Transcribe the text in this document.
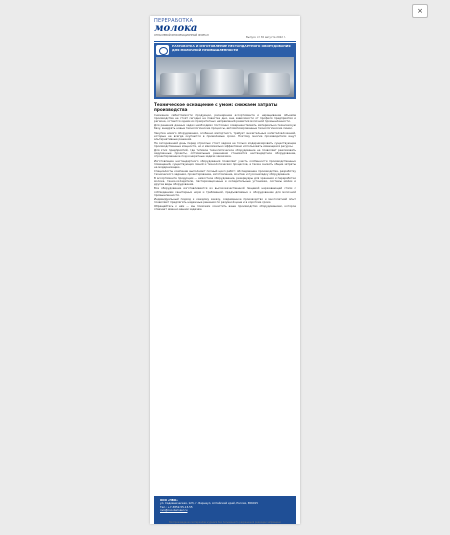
×
ПЕРЕРАБОТКА
молока
ОТРАСЛЕВОЙ ИНФОРМАЦИОННЫЙ ЖУРНАЛ
Выпуск от 30 августа 2022 г.
РАЗРАБОТКА И ИЗГОТОВЛЕНИЕ НЕСТАНДАРТНОГО ОБОРУДОВАНИЯ ДЛЯ МОЛОЧНОЙ ПРОМЫШЛЕННОСТИ
Техническое оснащение с умом: снижаем затраты производства

Снижение себестоимости продукции, расширение ассортимента и наращивание объемов производства не стоят сегодня на повестке дня, вне зависимости от профиля предприятия и региона, остаются одним из приоритетных направлений развития молочной промышленности.

Для решения данных задач необходимо постоянно совершенствовать материально-техническую базу, внедрять новые технологические процессы, автоматизированные технологические линии.

Закупка нового оборудования, особенно импортного, требует значительных капиталовложений, которые не всегда окупаются в приемлемые сроки. Поэтому многие производители ищут альтернативные решения.

На сегодняшний день перед отраслью стоит задача не только модернизировать существующие производственные мощности, но и максимально эффективно использовать имеющиеся ресурсы.

Для этих предприятий, где типовое технологическое оборудование не позволяет реализовать задуманные проекты, оптимальным решением становится нестандартное оборудование, спроектированное под конкретные задачи заказчика.

Изготовление нестандартного оборудования позволяет учесть особенности производственных помещений, существующих линий и технологических процессов, а также снизить общие затраты на модернизацию.

Специалисты компании выполняют полный цикл работ: обследование производства, разработку технического задания, проектирование, изготовление, монтаж и пусконаладку оборудования.

В ассортименте продукции — емкостное оборудование, резервуары для хранения и переработки молока, танки-охладители, пастеризационные и охладительные установки, системы мойки и другие виды оборудования.

Все оборудование изготавливается из высококачественной пищевой нержавеющей стали с соблюдением санитарных норм и требований, предъявляемых к оборудованию для молочной промышленности.

Индивидуальный подход к каждому заказу, современное производство и многолетний опыт позволяют предлагать надежные решения по разумной цене и в короткие сроки.

Обращайтесь к нам — мы поможем оснастить ваше производство оборудованием, которое отвечает именно вашим задачам.

ООО «НВО»
ул. Садовническая, 123, г. Барнаул, Алтайский край, Россия, 656015
Тел.: +7-3852-55-13-55
nvo@nvo-barnaul.ru
Воспроизведение материалов журнала без письменного разрешения редакции запрещено
